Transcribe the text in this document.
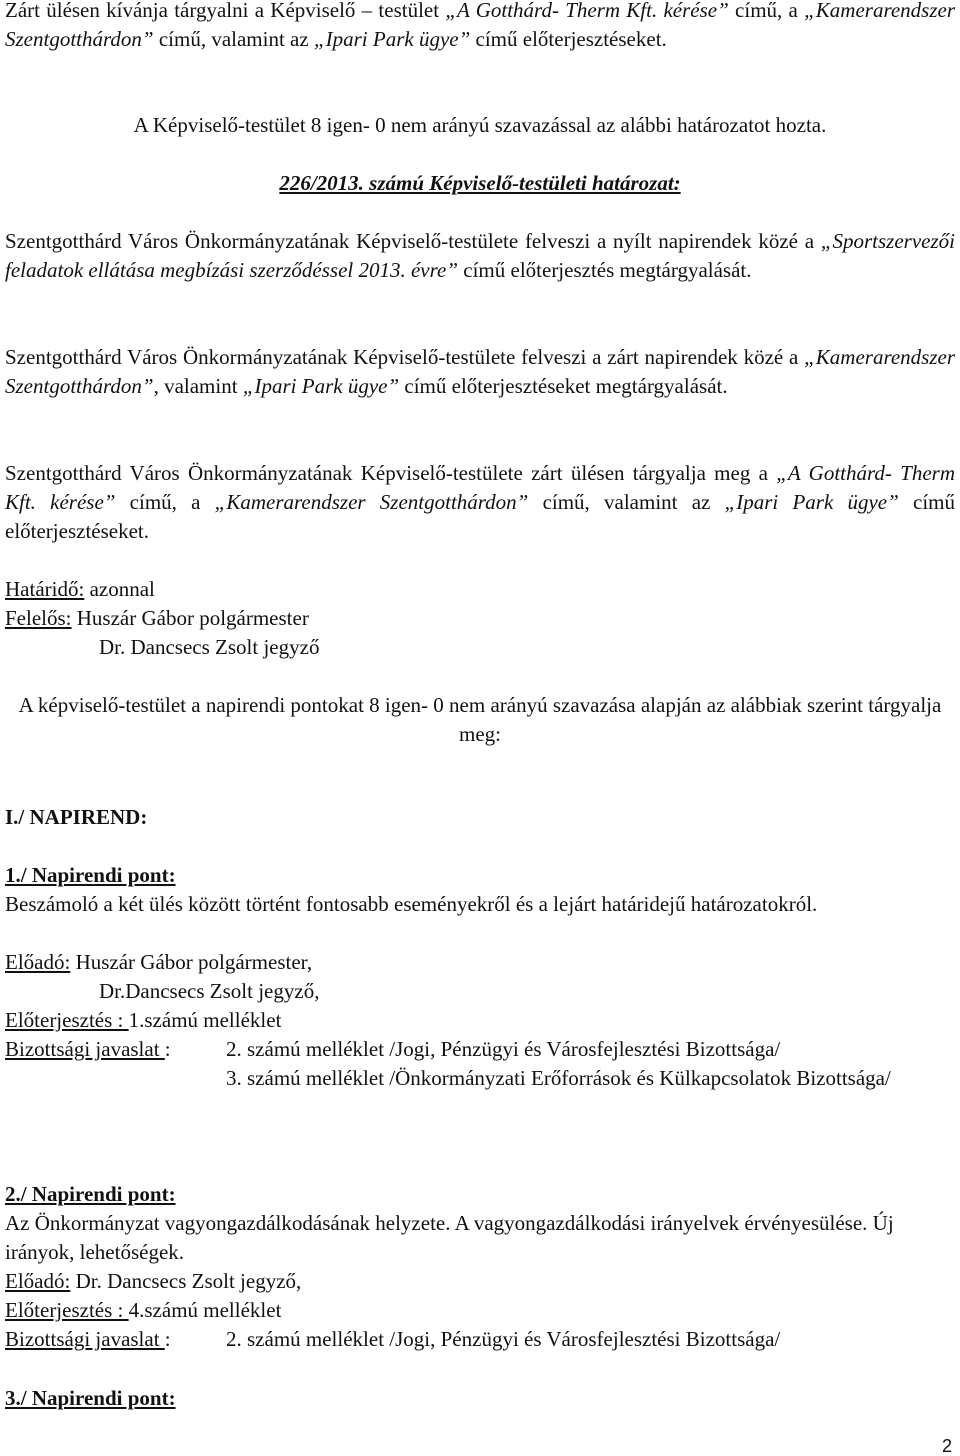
Zárt ülésen kívánja tárgyalni a Képviselő – testület „A Gotthárd- Therm Kft. kérése” című, a „Kamerarendszer Szentgotthárdon” című, valamint az „Ipari Park ügye” című előterjesztéseket.

A Képviselő-testület 8 igen- 0 nem arányú szavazással az alábbi határozatot hozta.

226/2013. számú Képviselő-testületi határozat:

Szentgotthárd Város Önkormányzatának Képviselő-testülete felveszi a nyílt napirendek közé a „Sportszervezői feladatok ellátása megbízási szerződéssel 2013. évre” című előterjesztés megtárgyalását.

Szentgotthárd Város Önkormányzatának Képviselő-testülete felveszi a zárt napirendek közé a „Kamerarendszer Szentgotthárdon”, valamint „Ipari Park ügye” című előterjesztéseket megtárgyalását.

Szentgotthárd Város Önkormányzatának Képviselő-testülete zárt ülésen tárgyalja meg a „A Gotthárd- Therm Kft. kérése” című, a „Kamerarendszer Szentgotthárdon” című, valamint az „Ipari Park ügye” című előterjesztéseket.

Határidő: azonnal

Felelős: Huszár Gábor polgármester

Dr. Dancsecs Zsolt jegyző

A képviselő-testület a napirendi pontokat 8 igen- 0 nem arányú szavazása alapján az alábbiak szerint tárgyalja meg:

I./ NAPIREND:

1./ Napirendi pont:

Beszámoló a két ülés között történt fontosabb eseményekről és a lejárt határidejű határozatokról.

Előadó: Huszár Gábor polgármester,

Dr.Dancsecs Zsolt jegyző,

Előterjesztés : 1.számú melléklet

Bizottsági javaslat :	2. számú melléklet /Jogi, Pénzügyi és Városfejlesztési Bizottsága/
3. számú melléklet /Önkormányzati Erőforrások és Külkapcsolatok Bizottsága/

2./ Napirendi pont:

Az Önkormányzat vagyongazdálkodásának helyzete. A vagyongazdálkodási irányelvek érvényesülése. Új irányok, lehetőségek.

Előadó: Dr. Dancsecs Zsolt jegyző,

Előterjesztés : 4.számú melléklet

Bizottsági javaslat :	2. számú melléklet /Jogi, Pénzügyi és Városfejlesztési Bizottsága/

3./ Napirendi pont:

2
